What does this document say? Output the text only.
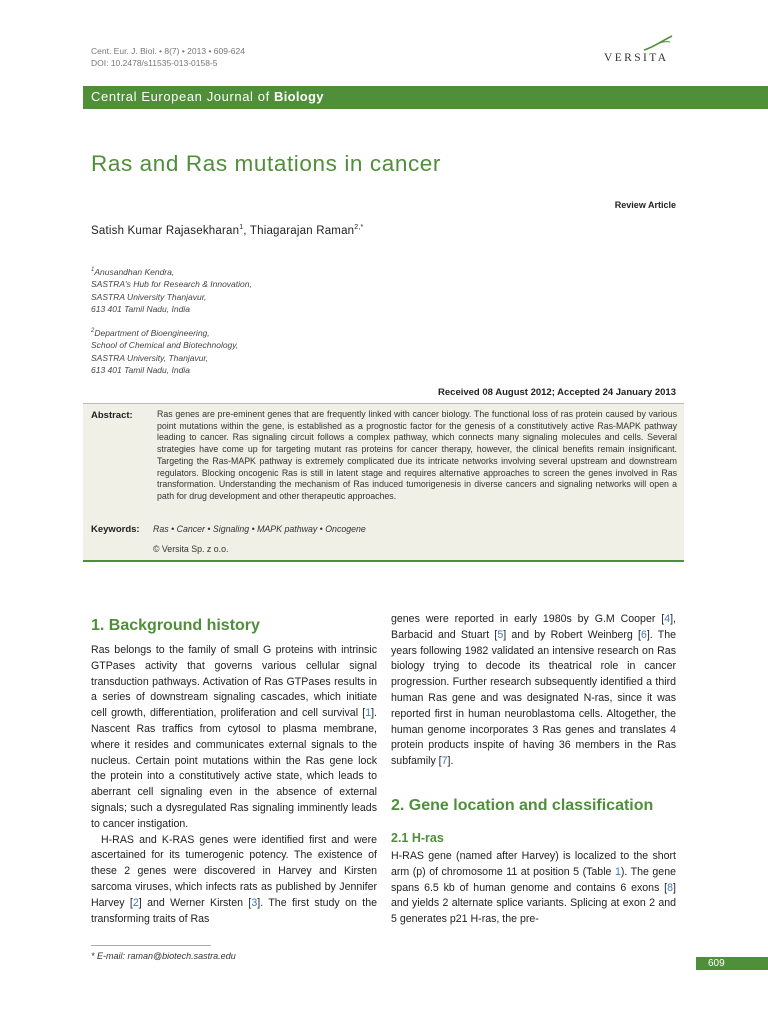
Cent. Eur. J. Biol. • 8(7) • 2013 • 609-624
DOI: 10.2478/s11535-013-0158-5	VERSITA
Central European Journal of Biology
Ras and Ras mutations in cancer
Review Article
Satish Kumar Rajasekharan$^1$, Thiagarajan Raman$^{2,*}$
$^1$Anusandhan Kendra,
SASTRA's Hub for Research & Innovation,
SASTRA University Thanjavur,
613 401 Tamil Nadu, India
$^2$Department of Bioengineering,
School of Chemical and Biotechnology,
SASTRA University, Thanjavur,
613 401 Tamil Nadu, India
Received 08 August 2012; Accepted 24 January 2013
Abstract:	Ras genes are pre-eminent genes that are frequently linked with cancer biology. The functional loss of ras protein caused by various point mutations within the gene, is established as a prognostic factor for the genesis of a constitutively active Ras-MAPK pathway leading to cancer. Ras signaling circuit follows a complex pathway, which connects many signaling molecules and cells. Several strategies have come up for targeting mutant ras proteins for cancer therapy, however, the clinical benefits remain insignificant. Targeting the Ras-MAPK pathway is extremely complicated due its intricate networks involving several upstream and downstream regulators. Blocking oncogenic Ras is still in latent stage and requires alternative approaches to screen the genes involved in Ras transformation. Understanding the mechanism of Ras induced tumorigenesis in diverse cancers and signaling networks will open a path for drug development and other therapeutic approaches.
Keywords: Ras • Cancer • Signaling • MAPK pathway • Oncogene
© Versita Sp. z o.o.
1. Background history

Ras belongs to the family of small G proteins with intrinsic GTPases activity that governs various cellular signal transduction pathways. Activation of Ras GTPases results in a series of downstream signaling cascades, which initiate cell growth, differentiation, proliferation and cell survival [1]. Nascent Ras traffics from cytosol to plasma membrane, where it resides and communicates external signals to the nucleus. Certain point mutations within the Ras gene lock the protein into a constitutively active state, which leads to aberrant cell signaling even in the absence of external signals; such a dysregulated Ras signaling imminently leads to cancer instigation.

H-RAS and K-RAS genes were identified first and were ascertained for its tumerogenic potency. The existence of these 2 genes were discovered in Harvey and Kirsten sarcoma viruses, which infects rats as published by Jennifer Harvey [2] and Werner Kirsten [3]. The first study on the transforming traits of Ras

genes were reported in early 1980s by G.M Cooper [4], Barbacid and Stuart [5] and by Robert Weinberg [6]. The years following 1982 validated an intensive research on Ras biology trying to decode its theatrical role in cancer progression. Further research subsequently identified a third human Ras gene and was designated N-ras, since it was reported first in human neuroblastoma cells. Altogether, the human genome incorporates 3 Ras genes and translates 4 protein products inspite of having 36 members in the Ras subfamily [7].

2. Gene location and classification
2.1 H-ras

H-RAS gene (named after Harvey) is localized to the short arm (p) of chromosome 11 at position 5 (Table 1). The gene spans 6.5 kb of human genome and contains 6 exons [8] and yields 2 alternate splice variants. Splicing at exon 2 and 5 generates p21 H-ras, the pre-

* E-mail: raman@biotech.sastra.edu
609
